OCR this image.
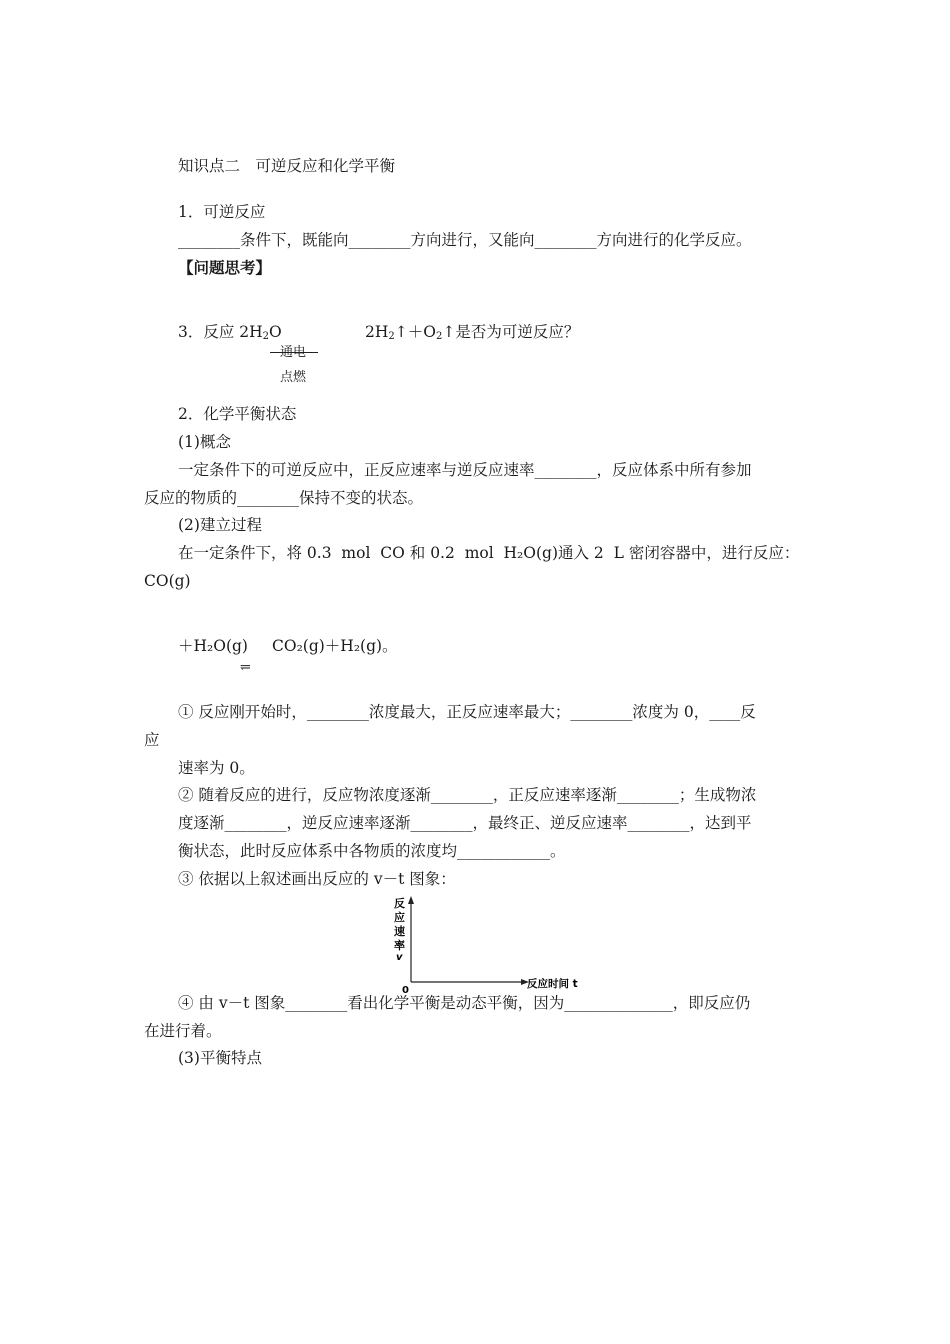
知识点二　可逆反应和化学平衡
1．可逆反应
________条件下，既能向________方向进行，又能向________方向进行的化学反应。
【问题思考】
3．反应 $2H_2O$
通电
点燃
$2H_2↑+O_2↑$是否为可逆反应？
2．化学平衡状态
(1)概念
一定条件下的可逆反应中，正反应速率与逆反应速率________，反应体系中所有参加
反应的物质的________保持不变的状态。
(2)建立过程
在一定条件下，将 0.3  mol  CO 和 0.2  mol  H₂O(g)通入 2  L 密闭容器中，进行反应：
CO(g)
＋H₂O(g)
⥫
CO₂(g)＋H₂(g)。
① 反应刚开始时，________浓度最大，正反应速率最大；________浓度为 0，____反
应
速率为 0。
② 随着反应的进行，反应物浓度逐渐________，正反应速率逐渐________；生成物浓
度逐渐________，逆反应速率逐渐________，最终正、逆反应速率________，达到平
衡状态，此时反应体系中各物质的浓度均____________。
③ 依据以上叙述画出反应的 v－t 图象：
反
应
速
率
v
0
反应时间 t
④ 由 v－t 图象________看出化学平衡是动态平衡，因为______________，即反应仍
在进行着。
(3)平衡特点
